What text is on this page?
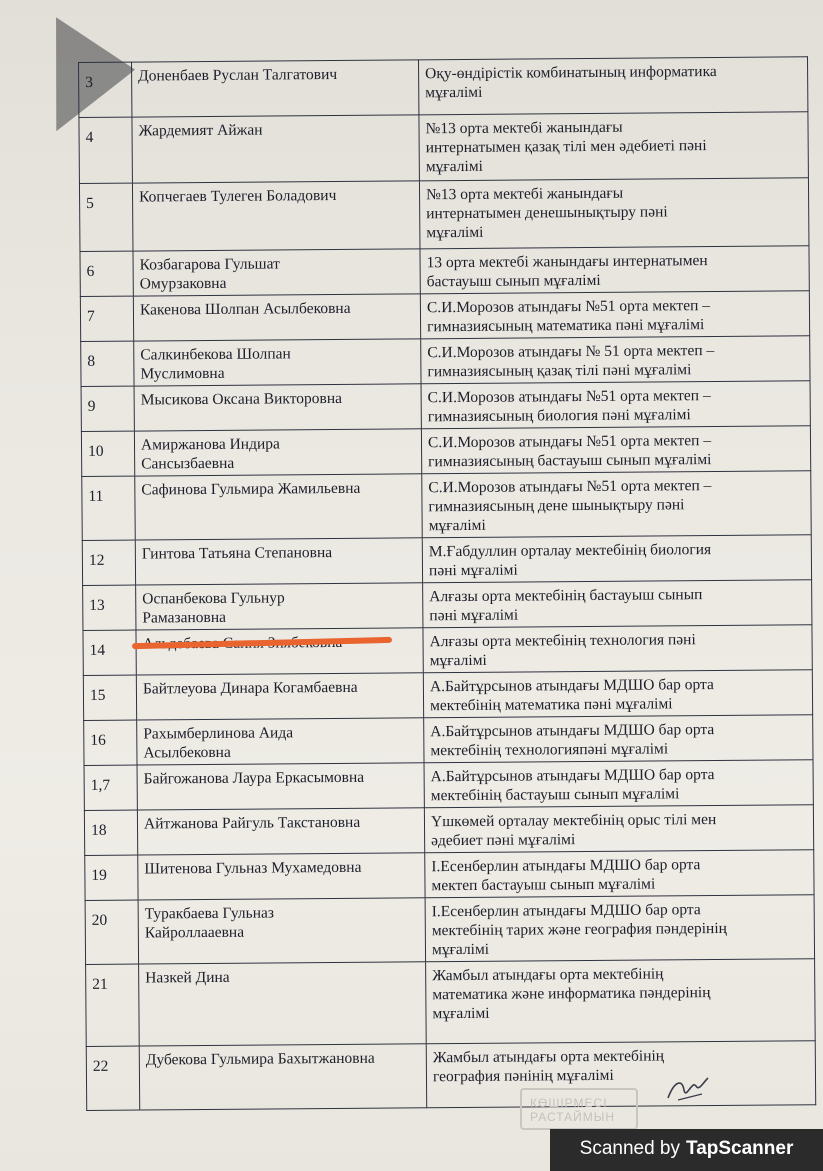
3	Доненбаев Руслан Талгатович	Оқу-өндірістік комбинатының информатика
мұғалімі

4	Жардемият Айжан	№13 орта мектебі жанындағы
интернатымен қазақ тілі мен әдебиеті пәні
мұғалімі

5	Копчегаев Тулеген Боладович	№13 орта мектебі жанындағы
интернатымен денешынықтыру пәні
мұғалімі

6	Козбагарова Гульшат
Омурзаковна	13 орта мектебі жанындағы интернатымен
бастауыш сынып мұғалімі

7	Какенова Шолпан Асылбековна	С.И.Морозов атындағы №51 орта мектеп –
гимназиясының математика пәні мұғалімі

8	Салкинбекова Шолпан
Муслимовна	С.И.Морозов атындағы № 51 орта мектеп –
гимназиясының қазақ тілі пәні мұғалімі

9	Мысикова Оксана Викторовна	С.И.Морозов атындағы №51 орта мектеп –
гимназиясының биология пәні мұғалімі

10	Амиржанова Индира
Сансызбаевна	С.И.Морозов атындағы №51 орта мектеп –
гимназиясының бастауыш сынып мұғалімі

11	Сафинова Гульмира Жамильевна	С.И.Морозов атындағы №51 орта мектеп –
гимназиясының дене шынықтыру пәні
мұғалімі

12	Гинтова Татьяна Степановна	М.Ғабдуллин орталау мектебінің биология
пәні мұғалімі

13	Оспанбекова Гульнур
Рамазановна	Алғазы орта мектебінің бастауыш сынып
пәні мұғалімі

14		Алғазы орта мектебінің технология пәні
мұғалімі

15	Байтлеуова Динара Когамбаевна	А.Байтұрсынов атындағы МДШО бар орта
мектебінің математика пәні мұғалімі

16	Рахымберлинова Аида
Асылбековна	А.Байтұрсынов атындағы МДШО бар орта
мектебінің технологияпәні мұғалімі

1,7	Байгожанова Лаура Еркасымовна	А.Байтұрсынов атындағы МДШО бар орта
мектебінің бастауыш сынып мұғалімі

18	Айтжанова Райгуль Такстановна	Үшкөмей орталау мектебінің орыс тілі мен
әдебиет пәні мұғалімі

19	Шитенова Гульназ Мухамедовна	І.Есенберлин атындағы МДШО бар орта
мектеп бастауыш сынып мұғалімі

20	Туракбаева Гульназ
Кайроллааевна	І.Есенберлин атындағы МДШО бар орта
мектебінің тарих және география пәндерінің
мұғалімі

21	Назкей Дина	Жамбыл атындағы орта мектебінің
математика және информатика пәндерінің
мұғалімі

22	Дубекова Гульмира Бахытжановна	Жамбыл атындағы орта мектебінің
география пәнінің мұғалімі
КӨШІРМЕСІ
РАСТАЙМЫН
Scanned by TapScanner
